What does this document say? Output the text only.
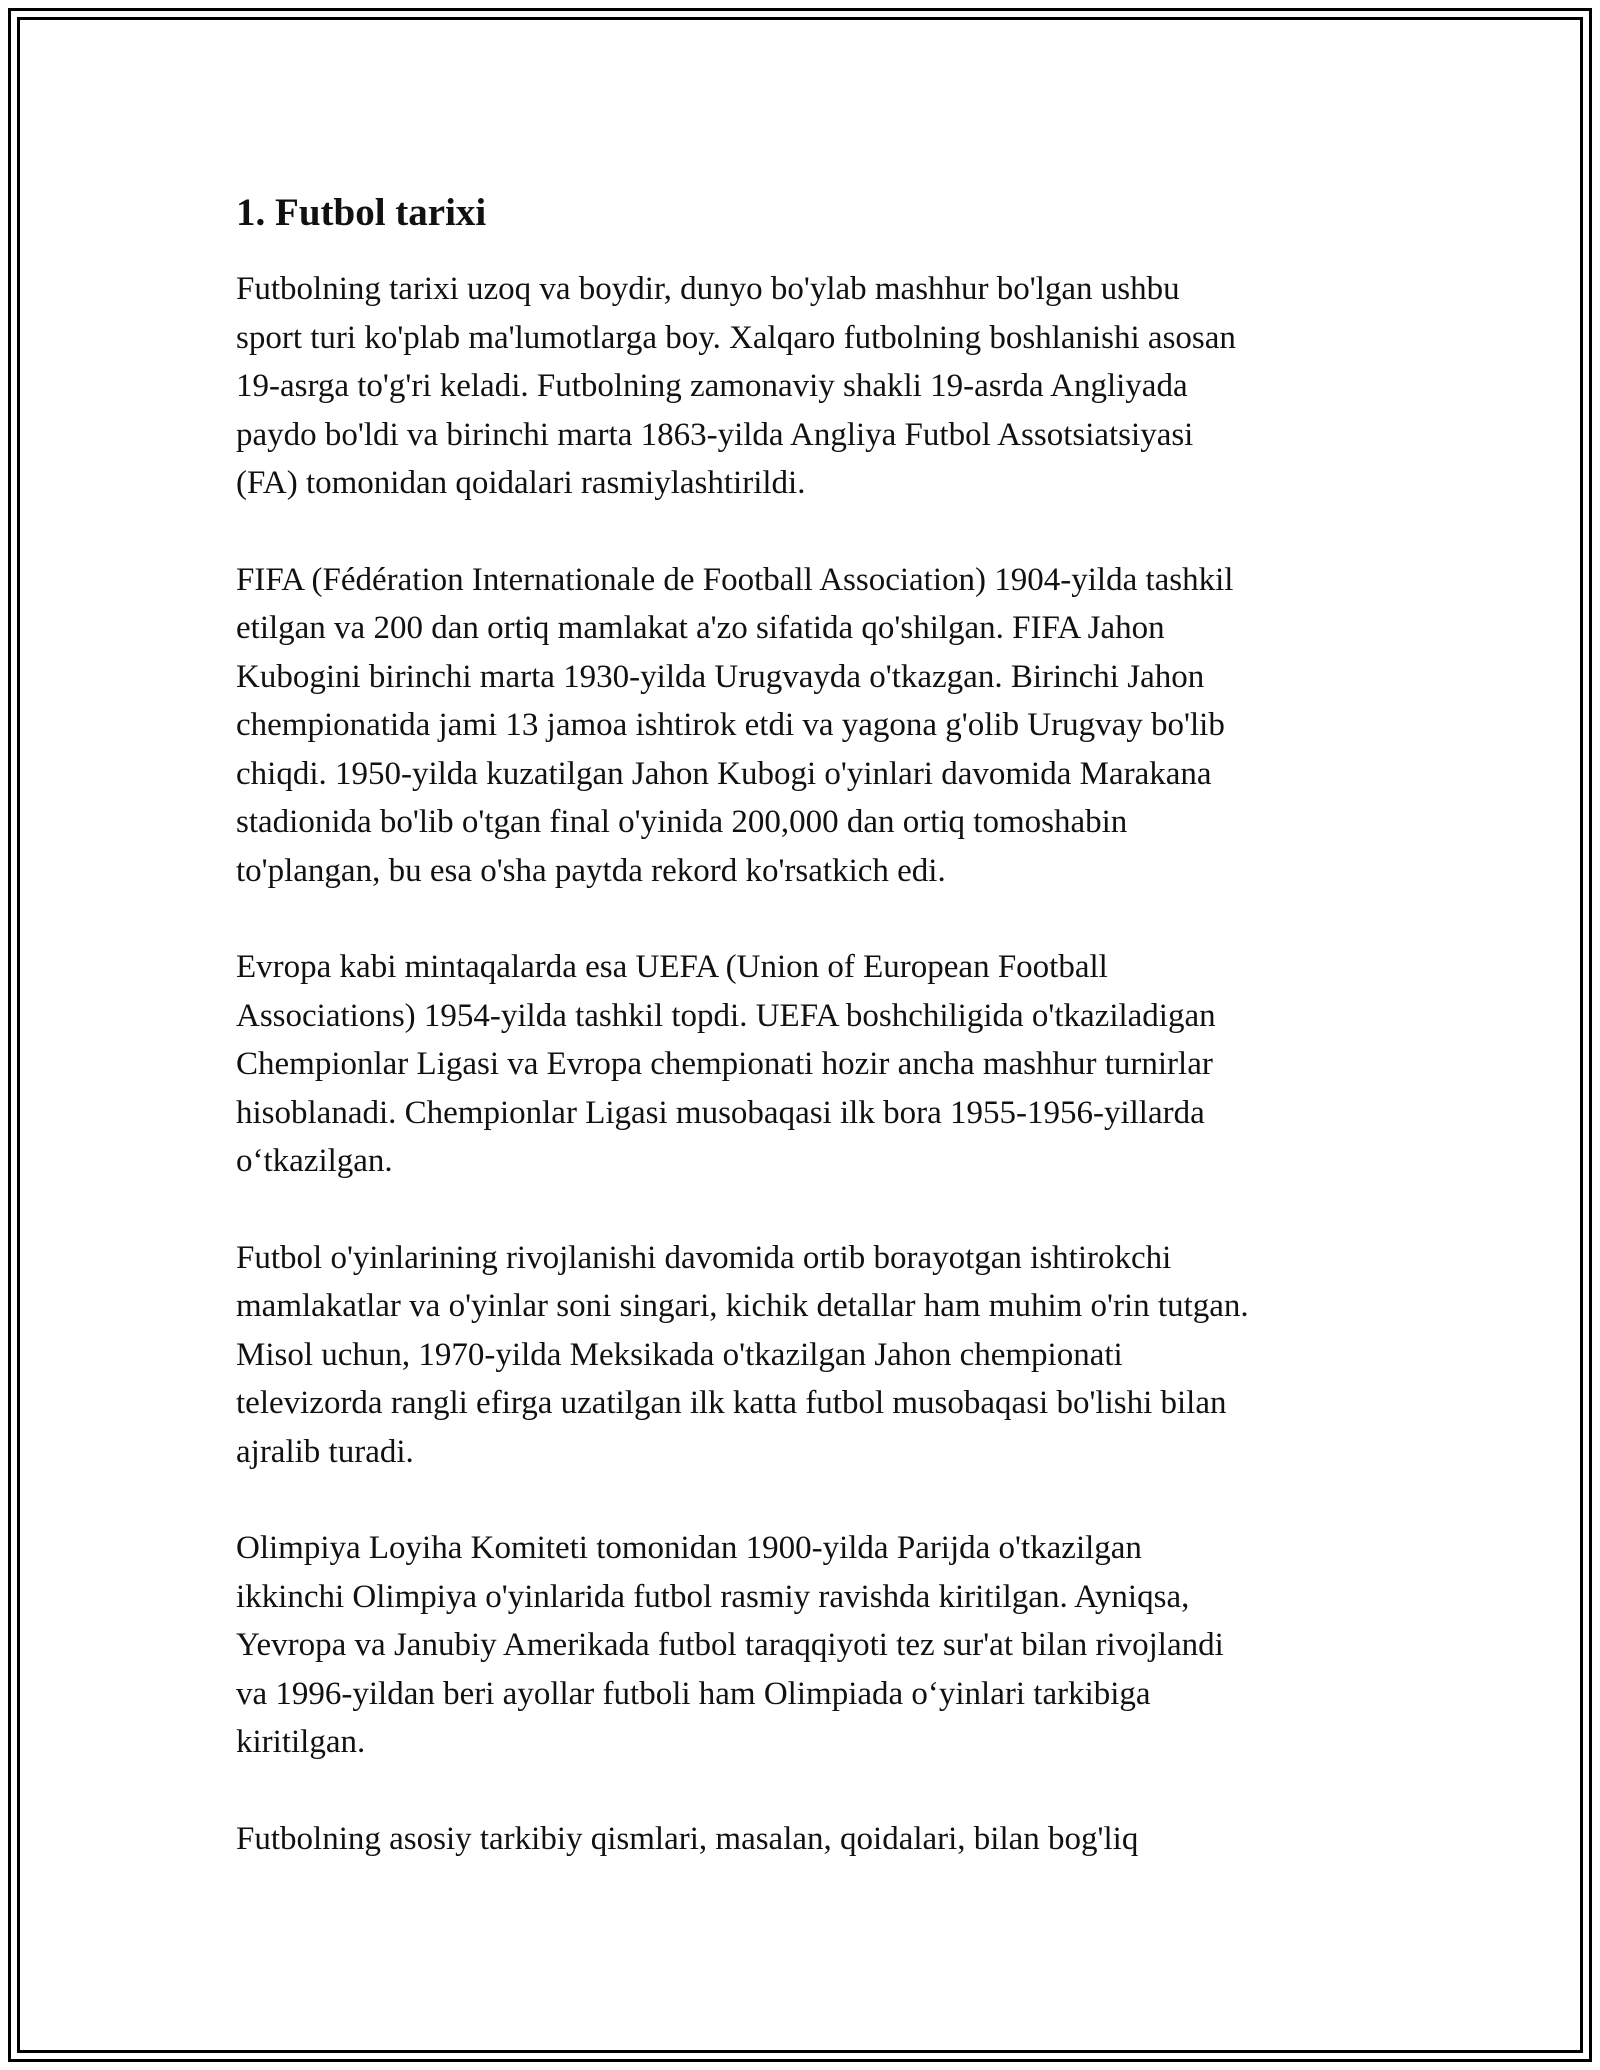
1. Futbol tarixi

Futbolning tarixi uzoq va boydir, dunyo bo'ylab mashhur bo'lgan ushbu
sport turi ko'plab ma'lumotlarga boy. Xalqaro futbolning boshlanishi asosan
19-asrga to'g'ri keladi. Futbolning zamonaviy shakli 19-asrda Angliyada
paydo bo'ldi va birinchi marta 1863-yilda Angliya Futbol Assotsiatsiyasi
(FA) tomonidan qoidalari rasmiylashtirildi.

FIFA (Fédération Internationale de Football Association) 1904-yilda tashkil
etilgan va 200 dan ortiq mamlakat a'zo sifatida qo'shilgan. FIFA Jahon
Kubogini birinchi marta 1930-yilda Urugvayda o'tkazgan. Birinchi Jahon
chempionatida jami 13 jamoa ishtirok etdi va yagona g'olib Urugvay bo'lib
chiqdi. 1950-yilda kuzatilgan Jahon Kubogi o'yinlari davomida Marakana
stadionida bo'lib o'tgan final o'yinida 200,000 dan ortiq tomoshabin
to'plangan, bu esa o'sha paytda rekord ko'rsatkich edi.

Evropa kabi mintaqalarda esa UEFA (Union of European Football
Associations) 1954-yilda tashkil topdi. UEFA boshchiligida o'tkaziladigan
Chempionlar Ligasi va Evropa chempionati hozir ancha mashhur turnirlar
hisoblanadi. Chempionlar Ligasi musobaqasi ilk bora 1955-1956-yillarda
o‘tkazilgan.

Futbol o'yinlarining rivojlanishi davomida ortib borayotgan ishtirokchi
mamlakatlar va o'yinlar soni singari, kichik detallar ham muhim o'rin tutgan.
Misol uchun, 1970-yilda Meksikada o'tkazilgan Jahon chempionati
televizorda rangli efirga uzatilgan ilk katta futbol musobaqasi bo'lishi bilan
ajralib turadi.

Olimpiya Loyiha Komiteti tomonidan 1900-yilda Parijda o'tkazilgan
ikkinchi Olimpiya o'yinlarida futbol rasmiy ravishda kiritilgan. Ayniqsa,
Yevropa va Janubiy Amerikada futbol taraqqiyoti tez sur'at bilan rivojlandi
va 1996-yildan beri ayollar futboli ham Olimpiada o‘yinlari tarkibiga
kiritilgan.

Futbolning asosiy tarkibiy qismlari, masalan, qoidalari, bilan bog'liq
